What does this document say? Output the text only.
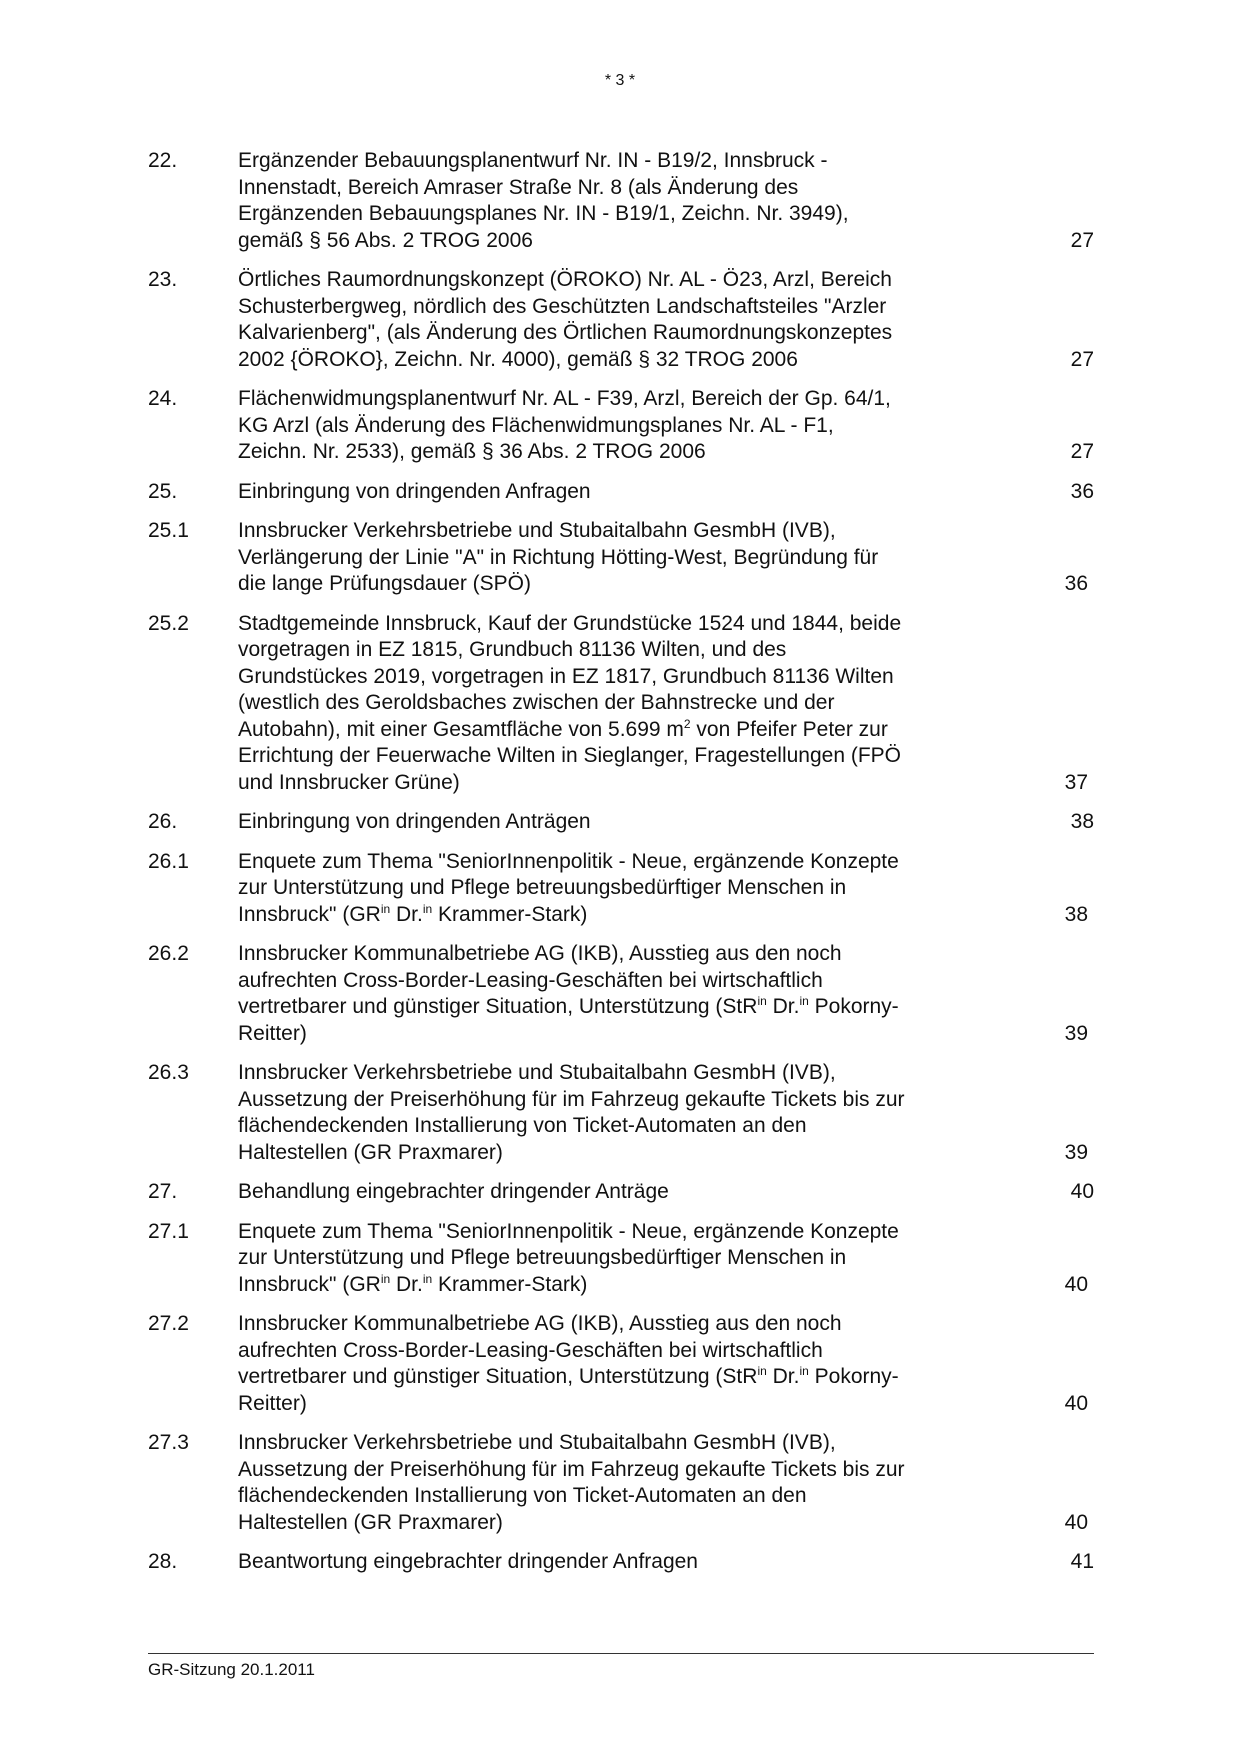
* 3 *
22.	Ergänzender Bebauungsplanentwurf Nr. IN - B19/2, Innsbruck -
Innenstadt, Bereich Amraser Straße Nr. 8 (als Änderung des
Ergänzenden Bebauungsplanes Nr. IN - B19/1, Zeichn. Nr. 3949),
gemäß § 56 Abs. 2 TROG 2006	27
23.	Örtliches Raumordnungskonzept (ÖROKO) Nr. AL - Ö23, Arzl, Bereich
Schusterbergweg, nördlich des Geschützten Landschaftsteiles "Arzler
Kalvarienberg", (als Änderung des Örtlichen Raumordnungskonzeptes
2002 {ÖROKO}, Zeichn. Nr. 4000), gemäß § 32 TROG 2006	27
24.	Flächenwidmungsplanentwurf Nr. AL - F39, Arzl, Bereich der Gp. 64/1,
KG Arzl (als Änderung des Flächenwidmungsplanes Nr. AL - F1,
Zeichn. Nr. 2533), gemäß § 36 Abs. 2 TROG 2006	27
25.	Einbringung von dringenden Anfragen	36
25.1	Innsbrucker Verkehrsbetriebe und Stubaitalbahn GesmbH (IVB),
Verlängerung der Linie "A" in Richtung Hötting-West, Begründung für
die lange Prüfungsdauer (SPÖ)	36
25.2	Stadtgemeinde Innsbruck, Kauf der Grundstücke 1524 und 1844, beide
vorgetragen in EZ 1815, Grundbuch 81136 Wilten, und des
Grundstückes 2019, vorgetragen in EZ 1817, Grundbuch 81136 Wilten
(westlich des Geroldsbaches zwischen der Bahnstrecke und der
Autobahn), mit einer Gesamtfläche von 5.699 $m^2$ von Pfeifer Peter zur
Errichtung der Feuerwache Wilten in Sieglanger, Fragestellungen (FPÖ
und Innsbrucker Grüne)	37
26.	Einbringung von dringenden Anträgen	38
26.1	Enquete zum Thema "SeniorInnenpolitik - Neue, ergänzende Konzepte
zur Unterstützung und Pflege betreuungsbedürftiger Menschen in
Innsbruck" ($GR^{in}$ Dr.$^{in}$ Krammer-Stark)	38
26.2	Innsbrucker Kommunalbetriebe AG (IKB), Ausstieg aus den noch
aufrechten Cross-Border-Leasing-Geschäften bei wirtschaftlich
vertretbarer und günstiger Situation, Unterstützung (StR$^{in}$ Dr.$^{in}$ Pokorny-
Reitter)	39
26.3	Innsbrucker Verkehrsbetriebe und Stubaitalbahn GesmbH (IVB),
Aussetzung der Preiserhöhung für im Fahrzeug gekaufte Tickets bis zur
flächendeckenden Installierung von Ticket-Automaten an den
Haltestellen (GR Praxmarer)	39
27.	Behandlung eingebrachter dringender Anträge	40
27.1	Enquete zum Thema "SeniorInnenpolitik - Neue, ergänzende Konzepte
zur Unterstützung und Pflege betreuungsbedürftiger Menschen in
Innsbruck" ($GR^{in}$ Dr.$^{in}$ Krammer-Stark)	40
27.2	Innsbrucker Kommunalbetriebe AG (IKB), Ausstieg aus den noch
aufrechten Cross-Border-Leasing-Geschäften bei wirtschaftlich
vertretbarer und günstiger Situation, Unterstützung (StR$^{in}$ Dr.$^{in}$ Pokorny-
Reitter)	40
27.3	Innsbrucker Verkehrsbetriebe und Stubaitalbahn GesmbH (IVB),
Aussetzung der Preiserhöhung für im Fahrzeug gekaufte Tickets bis zur
flächendeckenden Installierung von Ticket-Automaten an den
Haltestellen (GR Praxmarer)	40
28.	Beantwortung eingebrachter dringender Anfragen	41
GR-Sitzung 20.1.2011
